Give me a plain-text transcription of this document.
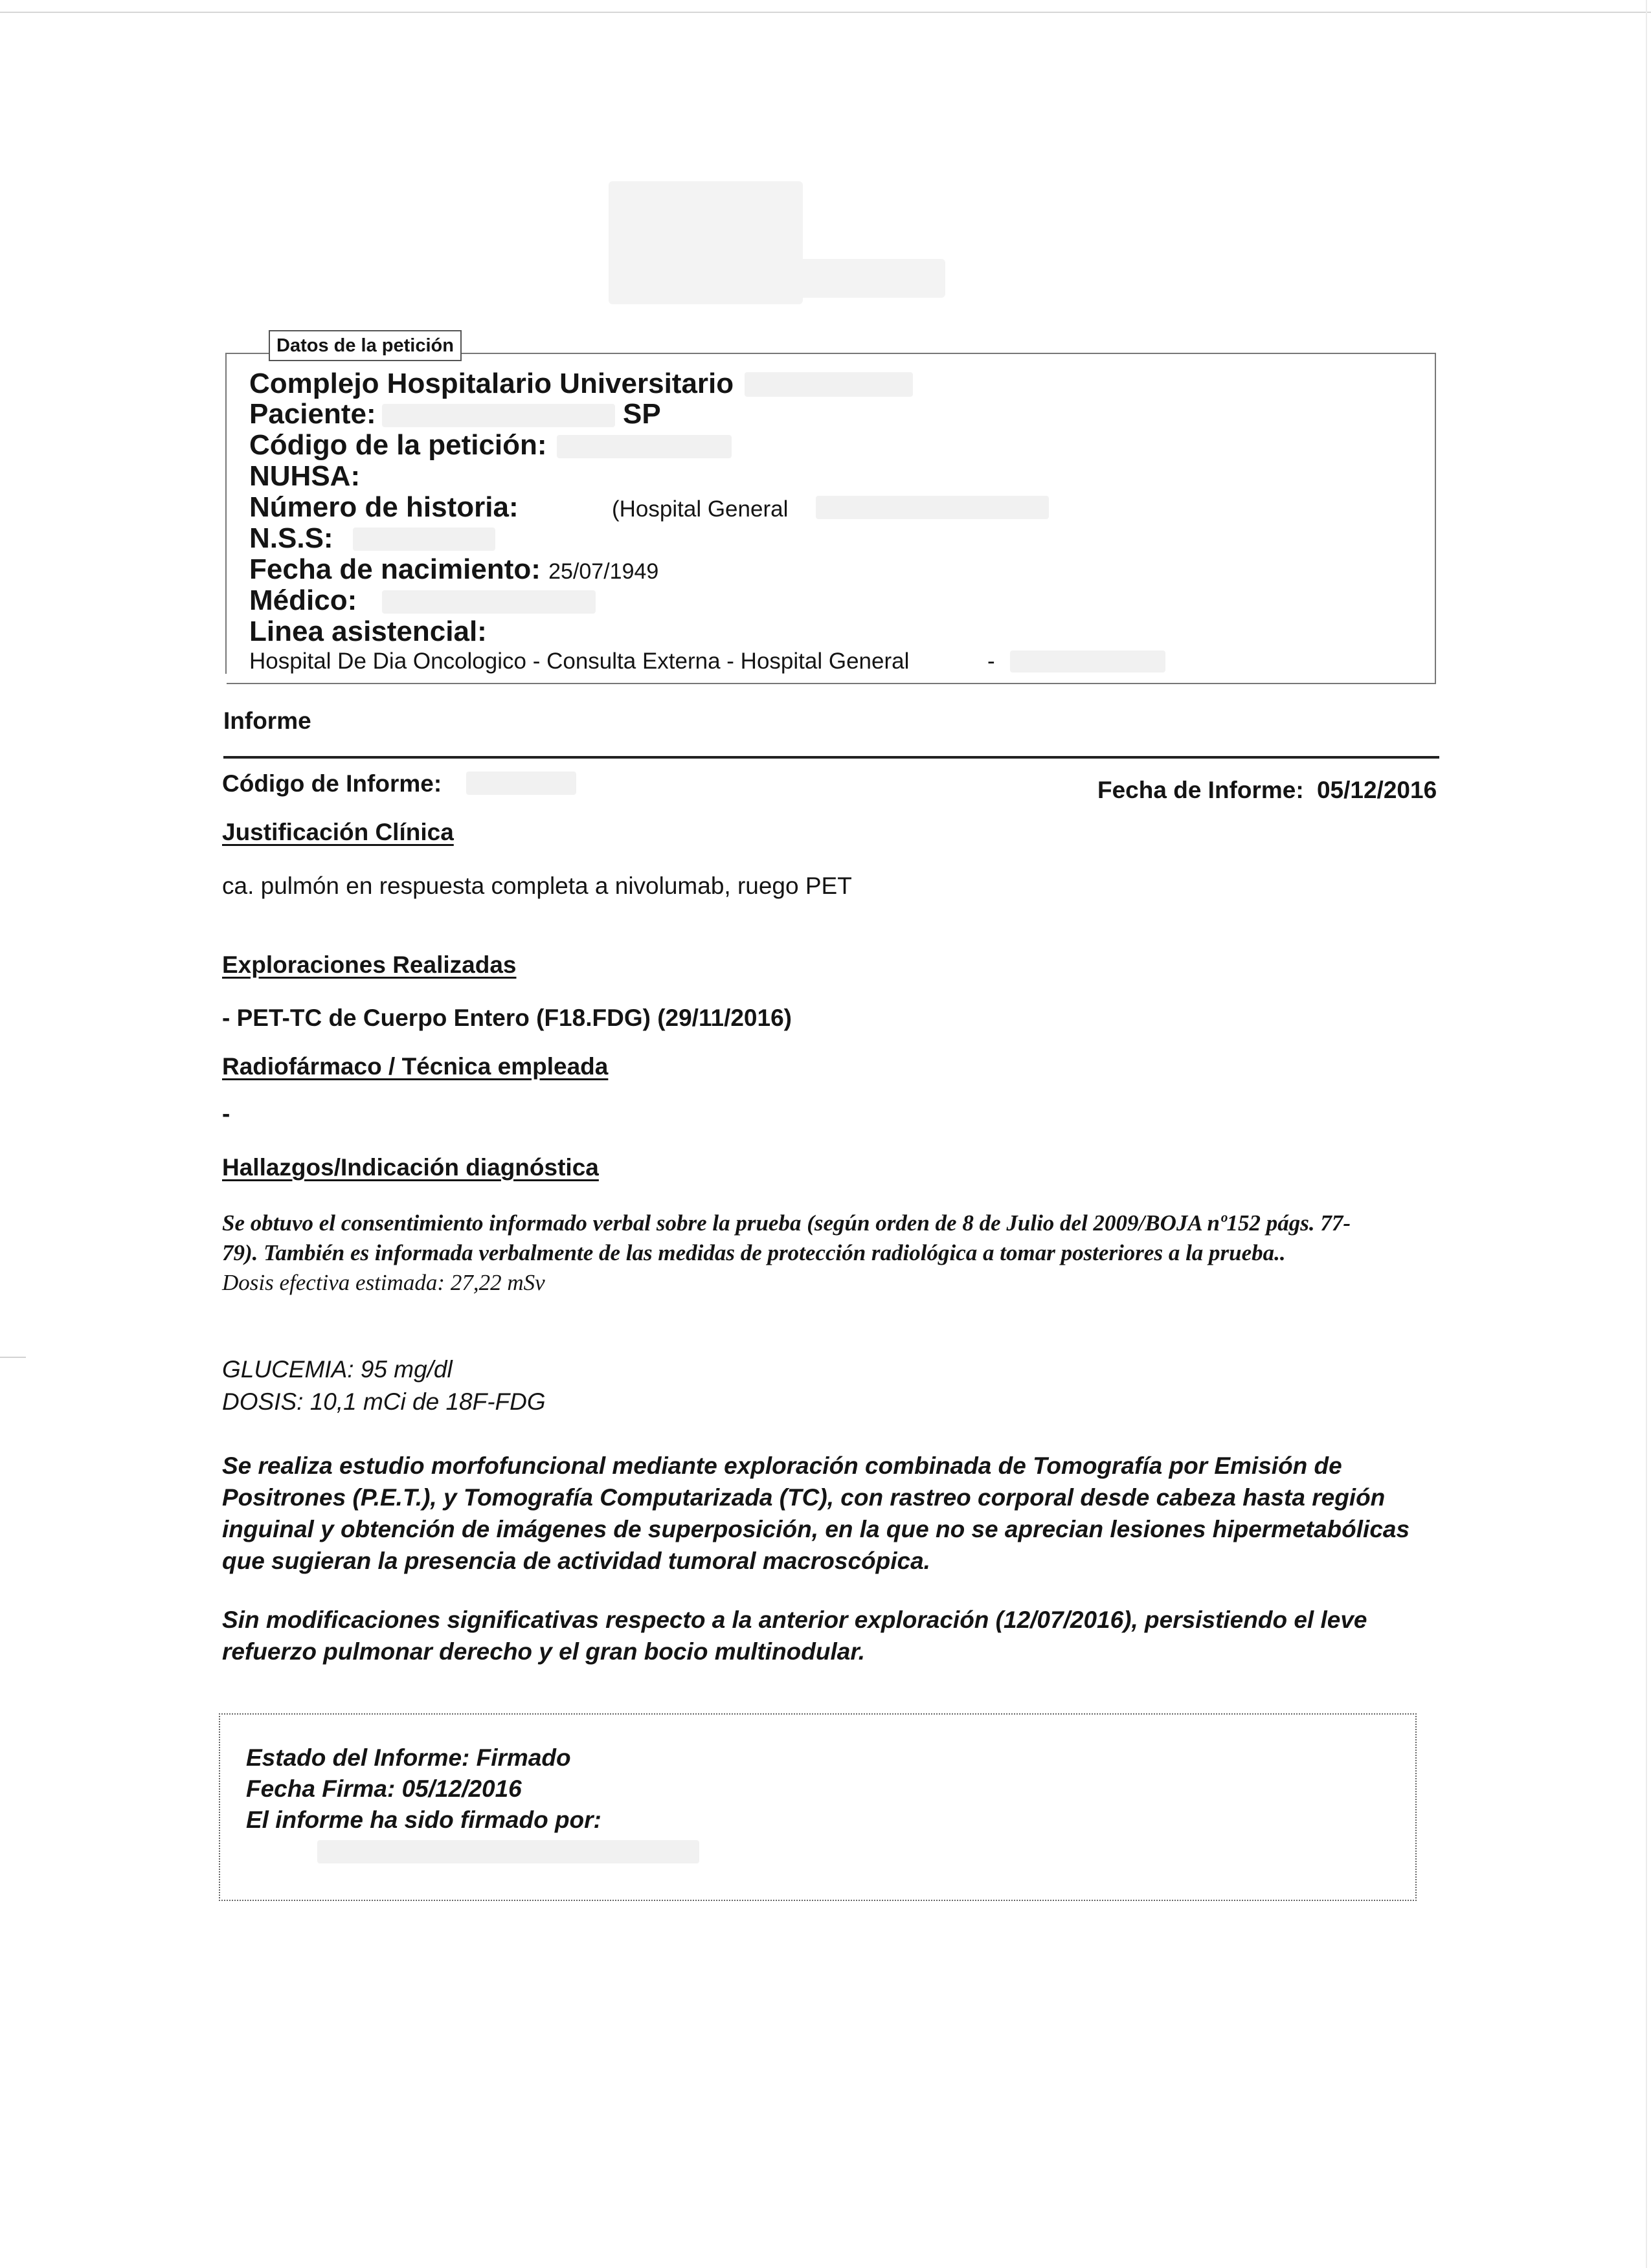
Datos de la petición
Complejo Hospitalario Universitario
Paciente:	SP
Código de la petición:
NUHSA:
Número de historia:	(Hospital General
N.S.S:
Fecha de nacimiento: 25/07/1949
Médico:
Linea asistencial:
Hospital De Dia Oncologico - Consulta Externa - Hospital General	-
Informe
Código de Informe:	Fecha de Informe: 05/12/2016
Justificación Clínica
ca. pulmón en respuesta completa a nivolumab, ruego PET
Exploraciones Realizadas
- PET-TC de Cuerpo Entero (F18.FDG) (29/11/2016)
Radiofármaco / Técnica empleada
-
Hallazgos/Indicación diagnóstica
Se obtuvo el consentimiento informado verbal sobre la prueba (según orden de 8 de Julio del 2009/BOJA nº152 págs. 77-
79). También es informada verbalmente de las medidas de protección radiológica a tomar posteriores a la prueba..
Dosis efectiva estimada: 27,22 mSv
GLUCEMIA: 95 mg/dl
DOSIS: 10,1 mCi de 18F-FDG
Se realiza estudio morfofuncional mediante exploración combinada de Tomografía por Emisión de
Positrones (P.E.T.), y Tomografía Computarizada (TC), con rastreo corporal desde cabeza hasta región
inguinal y obtención de imágenes de superposición, en la que no se aprecian lesiones hipermetabólicas
que sugieran la presencia de actividad tumoral macroscópica.
Sin modificaciones significativas respecto a la anterior exploración (12/07/2016), persistiendo el leve
refuerzo pulmonar derecho y el gran bocio multinodular.
Estado del Informe: Firmado
Fecha Firma: 05/12/2016
El informe ha sido firmado por:
